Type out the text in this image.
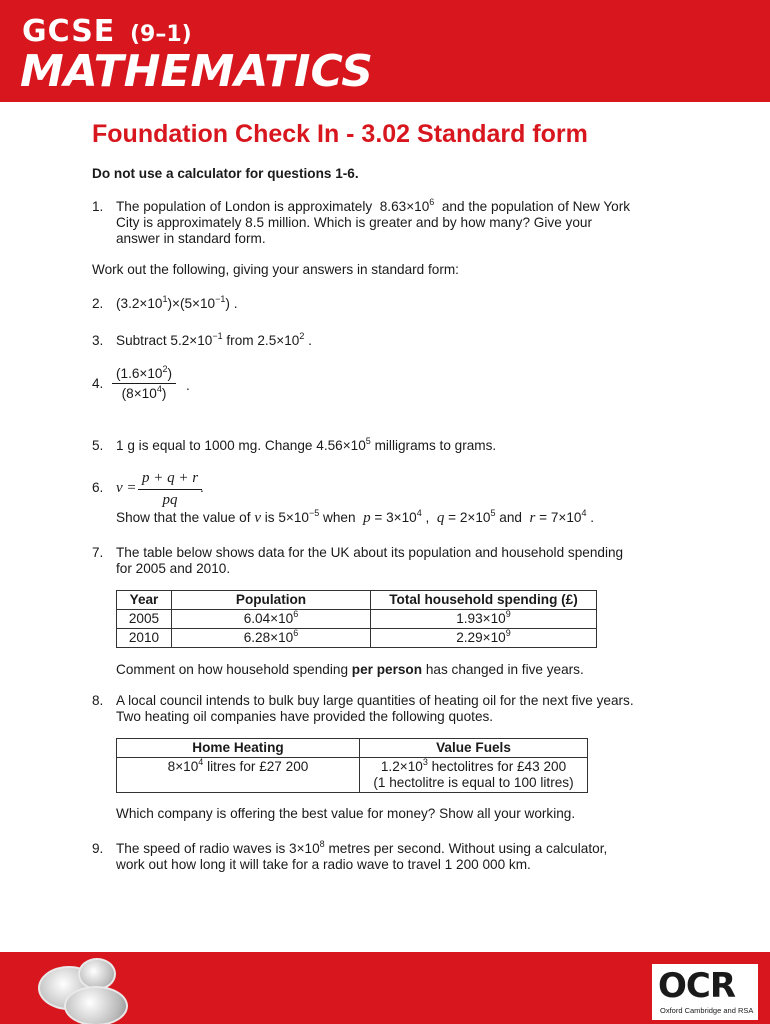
GCSE (9–1)
MATHEMATICS
Foundation Check In - 3.02 Standard form
Do not use a calculator for questions 1-6.
1. The population of London is approximately $8.63\times 10^6$ and the population of New York
City is approximately 8.5 million. Which is greater and by how many? Give your
answer in standard form.
Work out the following, giving your answers in standard form:
2. $(3.2\times 10^1)\times(5\times 10^{-1})$ .
3. Subtract $5.2\times 10^{-1}$ from $2.5\times 10^2$ .
4. $\frac{(1.6\times 10^2)}{(8\times 10^4)}$ .
5. 1 g is equal to 1000 mg. Change $4.56\times 10^5$ milligrams to grams.
6. $v = \frac{p + q + r}{pq}$
.
Show that the value of v is $5\times 10^{-5}$ when $p = 3\times 10^4$ , $q = 2\times 10^5$ and $r = 7\times 10^4$ .
7. The table below shows data for the UK about its population and household spending
for 2005 and 2010.
Year	Population	Total household spending (£)
2005	$6.04\times 10^6$	$1.93\times 10^9$
2010	$6.28\times 10^6$	$2.29\times 10^9$
Comment on how household spending per person has changed in five years.
8. A local council intends to bulk buy large quantities of heating oil for the next five years.
Two heating oil companies have provided the following quotes.
Home Heating	Value Fuels
$8\times 10^4$ litres for £27 200	$1.2\times 10^3$ hectolitres for £43 200
(1 hectolitre is equal to 100 litres)
Which company is offering the best value for money? Show all your working.
9. The speed of radio waves is $3\times 10^8$ metres per second. Without using a calculator,
work out how long it will take for a radio wave to travel 1 200 000 km.
OCR
Oxford Cambridge and RSA
